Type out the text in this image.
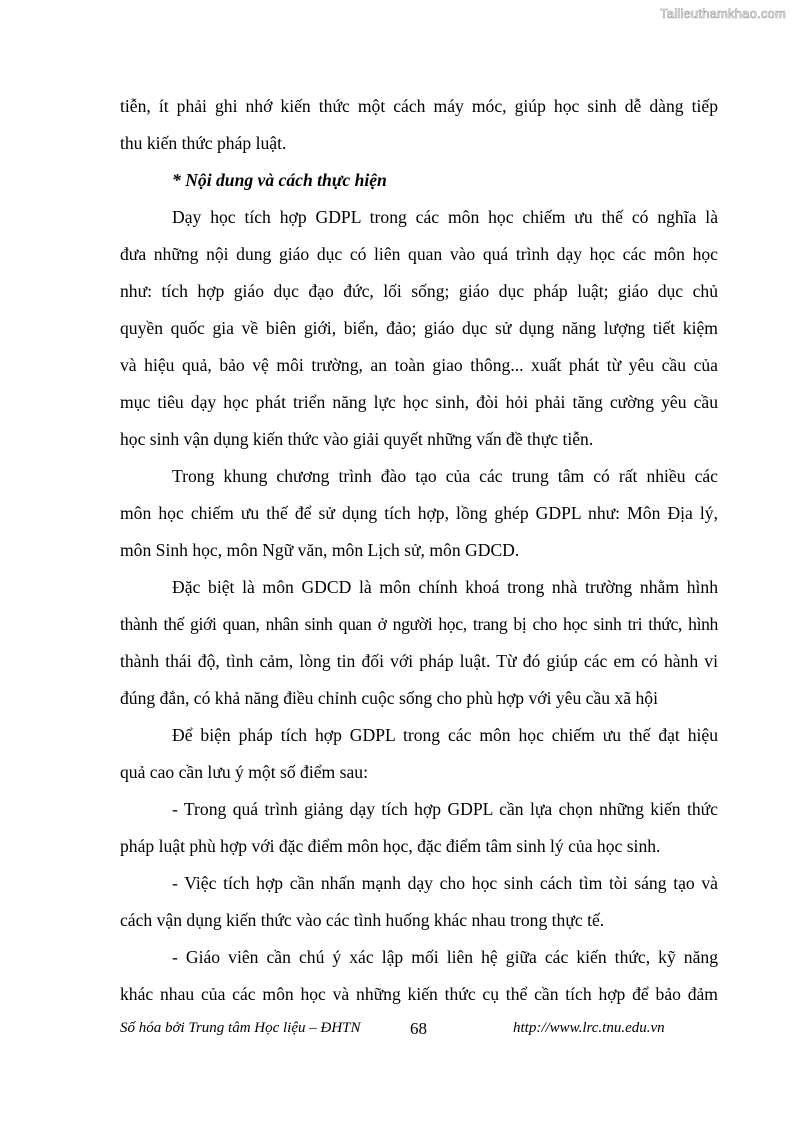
Tailieuthamkhao.com
tiễn, ít phải ghi nhớ kiến thức một cách máy móc, giúp học sinh dễ dàng tiếp
thu kiến thức pháp luật.
* Nội dung và cách thực hiện
Dạy học tích hợp GDPL trong các môn học chiếm ưu thế có nghĩa là
đưa những nội dung giáo dục có liên quan vào quá trình dạy học các môn học
như: tích hợp giáo dục đạo đức, lối sống; giáo dục pháp luật; giáo dục chủ
quyền quốc gia về biên giới, biển, đảo; giáo dục sử dụng năng lượng tiết kiệm
và hiệu quả, bảo vệ môi trường, an toàn giao thông... xuất phát từ yêu cầu của
mục tiêu dạy học phát triển năng lực học sinh, đòi hỏi phải tăng cường yêu cầu
học sinh vận dụng kiến thức vào giải quyết những vấn đề thực tiễn.
Trong khung chương trình đào tạo của các trung tâm có rất nhiều các
môn học chiếm ưu thế để sử dụng tích hợp, lồng ghép GDPL như: Môn Địa lý,
môn Sinh học, môn Ngữ văn, môn Lịch sử, môn GDCD.
Đặc biệt là môn GDCD là môn chính khoá trong nhà trường nhằm hình
thành thế giới quan, nhân sinh quan ở người học, trang bị cho học sinh tri thức, hình
thành thái độ, tình cảm, lòng tin đối với pháp luật. Từ đó giúp các em có hành vi
đúng đắn, có khả năng điều chỉnh cuộc sống cho phù hợp với yêu cầu xã hội
Để biện pháp tích hợp GDPL trong các môn học chiếm ưu thế đạt hiệu
quả cao cần lưu ý một số điểm sau:
- Trong quá trình giảng dạy tích hợp GDPL cần lựa chọn những kiến thức
pháp luật phù hợp với đặc điểm môn học, đặc điểm tâm sinh lý của học sinh.
- Việc tích hợp cần nhấn mạnh dạy cho học sinh cách tìm tòi sáng tạo và
cách vận dụng kiến thức vào các tình huống khác nhau trong thực tế.
- Giáo viên cần chú ý xác lập mối liên hệ giữa các kiến thức, kỹ năng
khác nhau của các môn học và những kiến thức cụ thể cần tích hợp để bảo đảm
Số hóa bởi Trung tâm Học liệu – ĐHTN	68	http://www.lrc.tnu.edu.vn
